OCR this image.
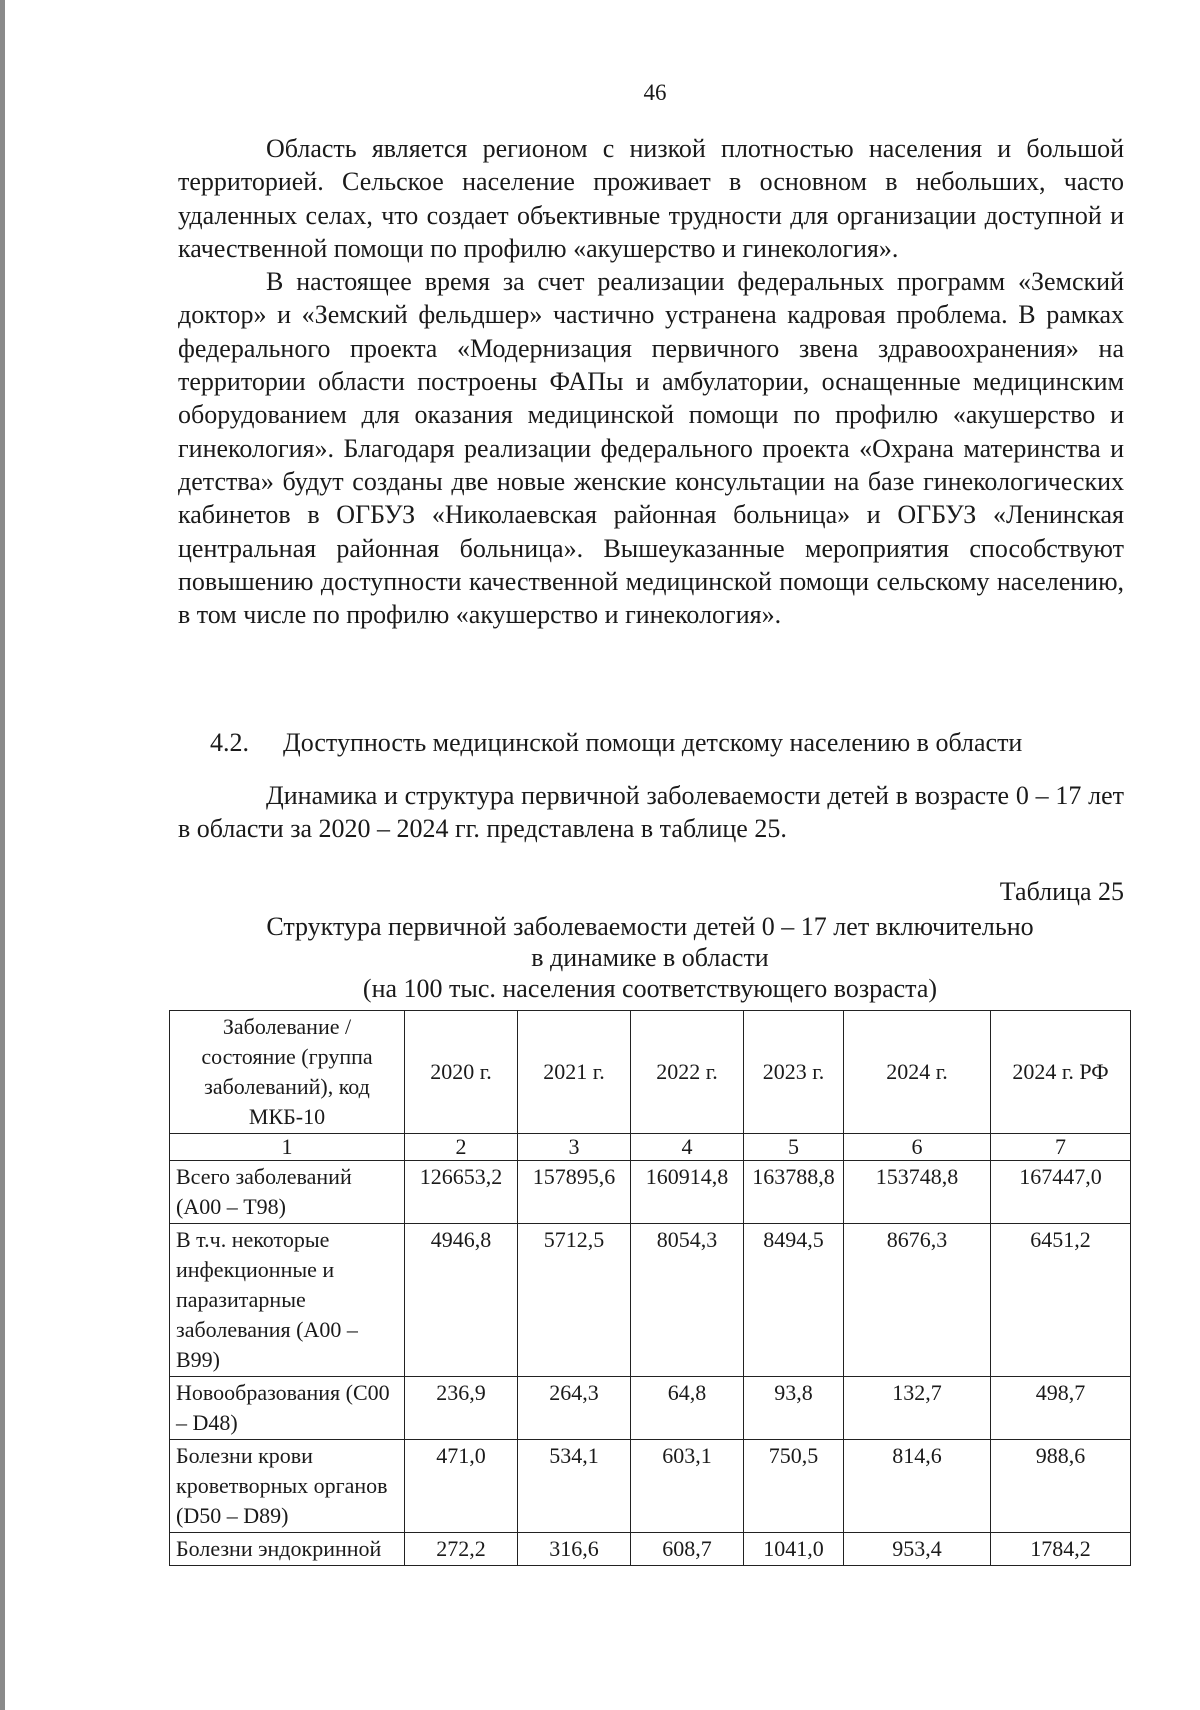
46

Область является регионом с низкой плотностью населения и большой территорией. Сельское население проживает в основном в небольших, часто удаленных селах, что создает объективные трудности для организации доступной и качественной помощи по профилю «акушерство и гинекология».

В настоящее время за счет реализации федеральных программ «Земский доктор» и «Земский фельдшер» частично устранена кадровая проблема. В рамках федерального проекта «Модернизация первичного звена здравоохранения» на территории области построены ФАПы и амбулатории, оснащенные медицинским оборудованием для оказания медицинской помощи по профилю «акушерство и гинекология». Благодаря реализации федерального проекта «Охрана материнства и детства» будут созданы две новые женские консультации на базе гинекологических кабинетов в ОГБУЗ «Николаевская районная больница» и ОГБУЗ «Ленинская центральная районная больница». Вышеуказанные мероприятия способствуют повышению доступности качественной медицинской помощи сельскому населению, в том числе по профилю «акушерство и гинекология».

4.2. Доступность медицинской помощи детскому населению в области

Динамика и структура первичной заболеваемости детей в возрасте 0 – 17 лет в области за 2020 – 2024 гг. представлена в таблице 25.

Таблица 25
Структура первичной заболеваемости детей 0 – 17 лет включительно
в динамике в области
(на 100 тыс. населения соответствующего возраста)
Заболевание / состояние (группа заболеваний), код МКБ-10	2020 г.	2021 г.	2022 г.	2023 г.	2024 г.	2024 г. РФ
1	2	3	4	5	6	7
Всего заболеваний (А00 – Т98)	126653,2	157895,6	160914,8	163788,8	153748,8	167447,0
В т.ч. некоторые инфекционные и паразитарные заболевания (А00 – В99)	4946,8	5712,5	8054,3	8494,5	8676,3	6451,2
Новообразования (С00 – D48)	236,9	264,3	64,8	93,8	132,7	498,7
Болезни крови кроветворных органов (D50 – D89)	471,0	534,1	603,1	750,5	814,6	988,6
Болезни эндокринной	272,2	316,6	608,7	1041,0	953,4	1784,2
